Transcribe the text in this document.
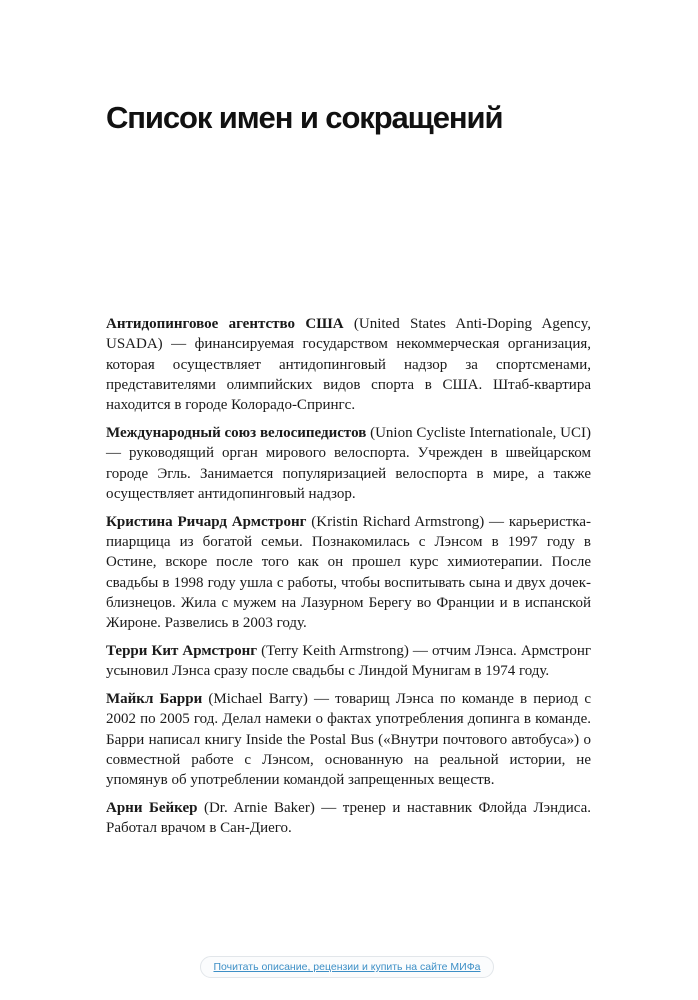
Список имен и сокращений

Антидопинговое агентство США (United States Anti-Doping Agency, USADA) — финансируемая государством некоммерческая организация, которая осуществляет антидопинговый надзор за спортсменами, представителями олимпийских видов спорта в США. Штаб-квартира находится в городе Колорадо-Спрингс.

Международный союз велосипедистов (Union Cycliste Internationale, UCI) — руководящий орган мирового велоспорта. Учрежден в швейцарском городе Эгль. Занимается популяризацией велоспорта в мире, а также осуществляет антидопинговый надзор.

Кристина Ричард Армстронг (Kristin Richard Armstrong) — карьеристка-пиарщица из богатой семьи. Познакомилась с Лэнсом в 1997 году в Остине, вскоре после того как он прошел курс химиотерапии. После свадьбы в 1998 году ушла с работы, чтобы воспитывать сына и двух дочек-близнецов. Жила с мужем на Лазурном Берегу во Франции и в испанской Жироне. Развелись в 2003 году.

Терри Кит Армстронг (Terry Keith Armstrong) — отчим Лэнса. Армстронг усыновил Лэнса сразу после свадьбы с Линдой Мунигам в 1974 году.

Майкл Барри (Michael Barry) — товарищ Лэнса по команде в период с 2002 по 2005 год. Делал намеки о фактах употребления допинга в команде. Барри написал книгу Inside the Postal Bus («Внутри почтового автобуса») о совместной работе с Лэнсом, основанную на реальной истории, не упомянув об употреблении командой запрещенных веществ.

Арни Бейкер (Dr. Arnie Baker) — тренер и наставник Флойда Лэндиса. Работал врачом в Сан-Диего.

Почитать описание, рецензии и купить на сайте МИФа
